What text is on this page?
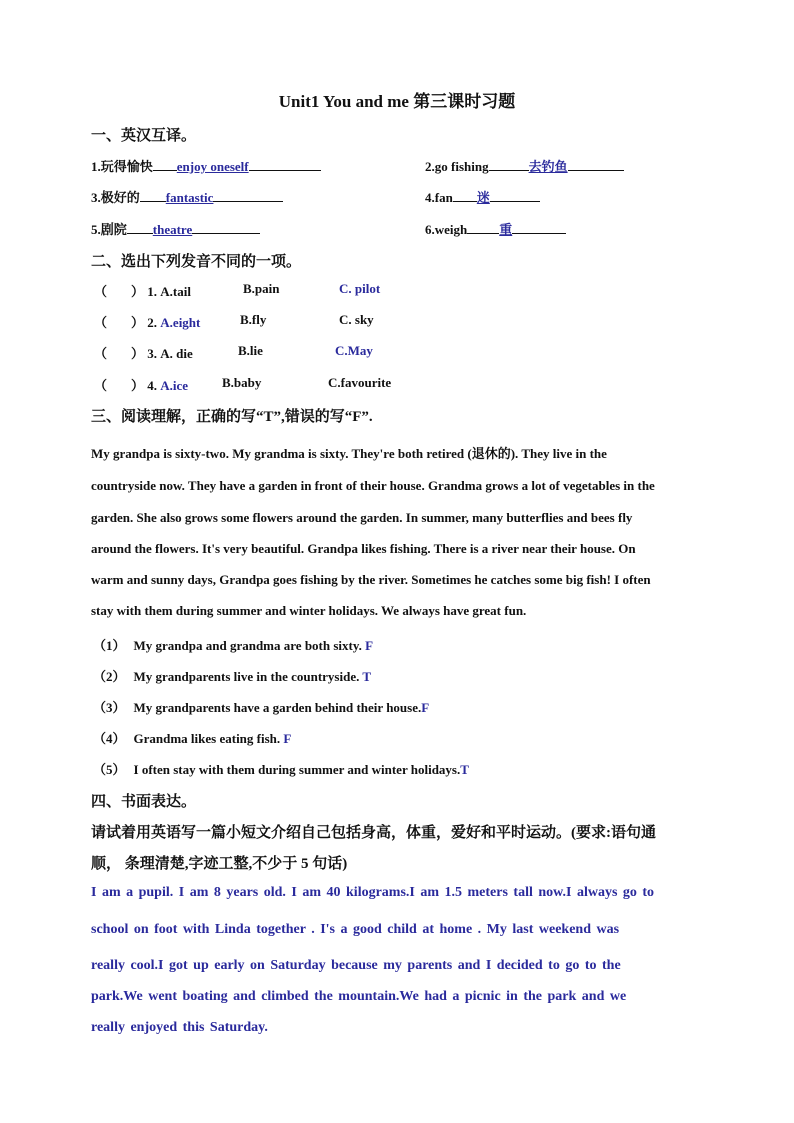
Unit1 You and me 第三课时习题
一、英汉互译。
1.玩得愉快 enjoy oneself	2.go fishing	去钓鱼
3.极好的 fantastic	4.fan 迷
5.剧院 theatre	6.weigh 重
二、选出下列发音不同的一项。
（ ） 1. A.tail	B.pain	C. pilot
（ ） 2. A.eight	B.fly	C. sky
（ ） 3. A. die	B.lie	C.May
（ ） 4. A.ice	B.baby	C.favourite
三、阅读理解，正确的写“T”,错误的写“F”.
My grandpa is sixty-two. My grandma is sixty. They're both retired (退休的). They live in the
countryside now. They have a garden in front of their house. Grandma grows a lot of vegetables in the
garden. She also grows some flowers around the garden. In summer, many butterflies and bees fly
around the flowers. It's very beautiful. Grandpa likes fishing. There is a river near their house. On
warm and sunny days, Grandpa goes fishing by the river. Sometimes he catches some big fish! I often
stay with them during summer and winter holidays. We always have great fun.
（1） My grandpa and grandma are both sixty. F
（2） My grandparents live in the countryside. T
（3） My grandparents have a garden behind their house.F
（4） Grandma likes eating fish. F
（5） I often stay with them during summer and winter holidays.T
四、书面表达。
请试着用英语写一篇小短文介绍自己包括身高，体重，爱好和平时运动。(要求:语句通
顺， 条理清楚,字迹工整,不少于 5 句话)
I am a pupil. I am 8 years old. I am 40 kilograms.I am 1.5 meters tall now.I always go to
school on foot with Linda together . I's a good child at home . My last weekend was
really cool.I got up early on Saturday because my parents and I decided to go to the
park.We went boating and climbed the mountain.We had a picnic in the park and we
really enjoyed this Saturday.
